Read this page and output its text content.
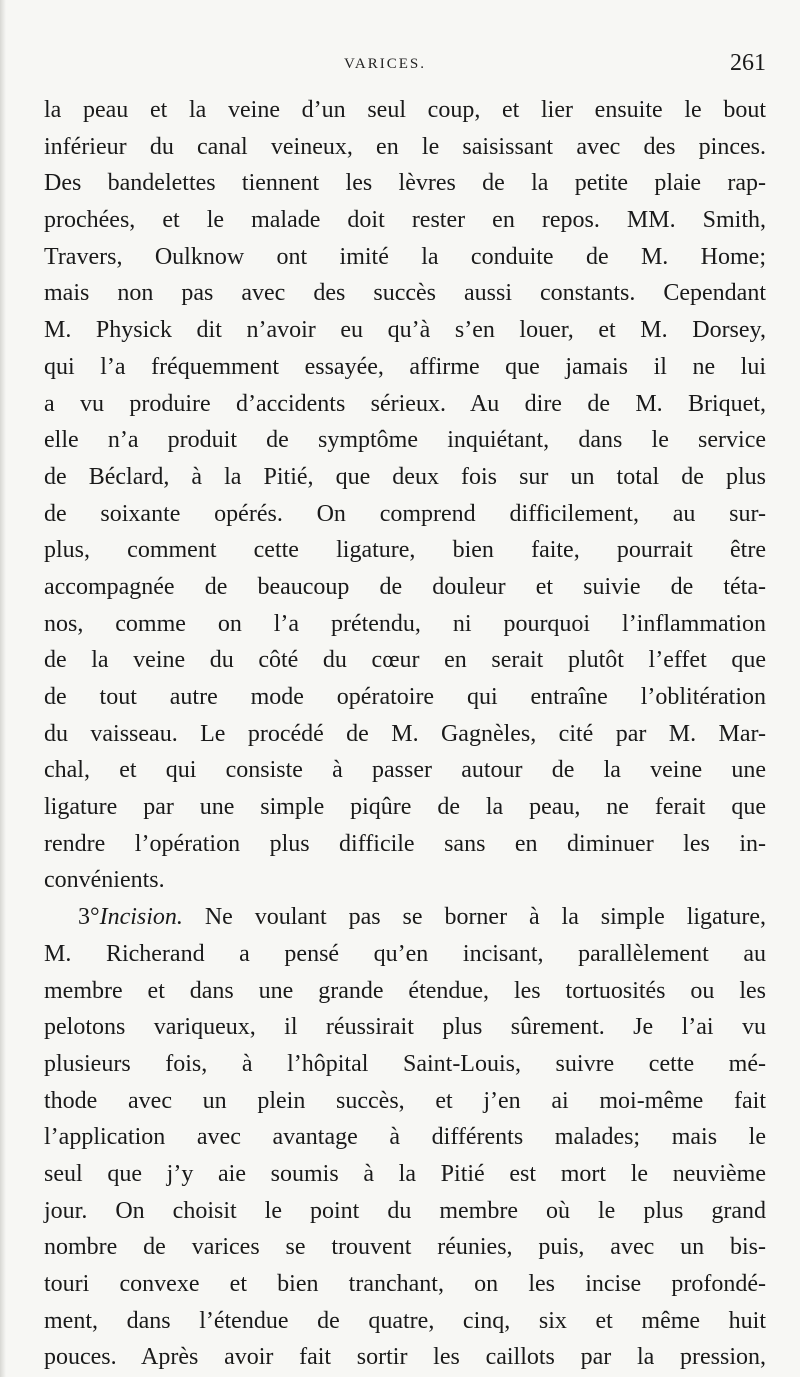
VARICES.	261
la peau et la veine d’un seul coup, et lier ensuite le bout
inférieur du canal veineux, en le saisissant avec des pinces.
Des bandelettes tiennent les lèvres de la petite plaie rap-
prochées, et le malade doit rester en repos. MM. Smith,
Travers, Oulknow ont imité la conduite de M. Home;
mais non pas avec des succès aussi constants. Cependant
M. Physick dit n’avoir eu qu’à s’en louer, et M. Dorsey,
qui l’a fréquemment essayée, affirme que jamais il ne lui
a vu produire d’accidents sérieux. Au dire de M. Briquet,
elle n’a produit de symptôme inquiétant, dans le service
de Béclard, à la Pitié, que deux fois sur un total de plus
de soixante opérés. On comprend difficilement, au sur-
plus, comment cette ligature, bien faite, pourrait être
accompagnée de beaucoup de douleur et suivie de téta-
nos, comme on l’a prétendu, ni pourquoi l’inflammation
de la veine du côté du cœur en serait plutôt l’effet que
de tout autre mode opératoire qui entraîne l’oblitération
du vaisseau. Le procédé de M. Gagnèles, cité par M. Mar-
chal, et qui consiste à passer autour de la veine une
ligature par une simple piqûre de la peau, ne ferait que
rendre l’opération plus difficile sans en diminuer les in-
convénients.
3°Incision. Ne voulant pas se borner à la simple ligature,
M. Richerand a pensé qu’en incisant, parallèlement au
membre et dans une grande étendue, les tortuosités ou les
pelotons variqueux, il réussirait plus sûrement. Je l’ai vu
plusieurs fois, à l’hôpital Saint-Louis, suivre cette mé-
thode avec un plein succès, et j’en ai moi-même fait
l’application avec avantage à différents malades; mais le
seul que j’y aie soumis à la Pitié est mort le neuvième
jour. On choisit le point du membre où le plus grand
nombre de varices se trouvent réunies, puis, avec un bis-
touri convexe et bien tranchant, on les incise profondé-
ment, dans l’étendue de quatre, cinq, six et même huit
pouces. Après avoir fait sortir les caillots par la pression,
